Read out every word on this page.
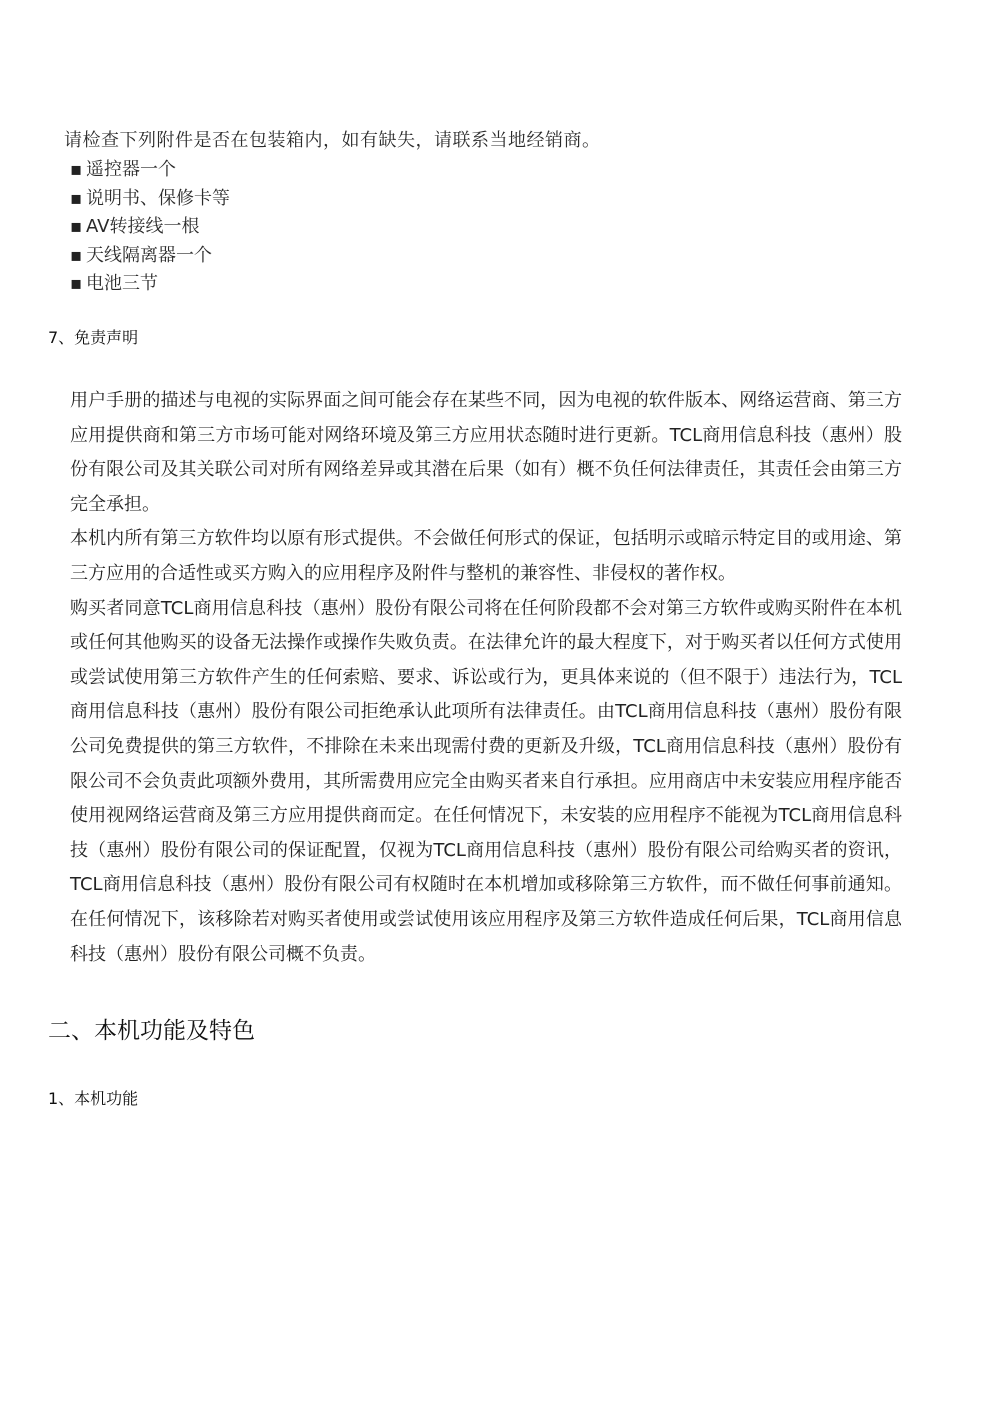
请检查下列附件是否在包装箱内，如有缺失，请联系当地经销商。
▪ 遥控器一个
▪ 说明书、保修卡等
▪ AV转接线一根
▪ 天线隔离器一个
▪ 电池三节
7、免责声明

用户手册的描述与电视的实际界面之间可能会存在某些不同，因为电视的软件版本、网络运营商、第三方应用提供商和第三方市场可能对网络环境及第三方应用状态随时进行更新。TCL商用信息科技（惠州）股份有限公司及其关联公司对所有网络差异或其潜在后果（如有）概不负任何法律责任，其责任会由第三方完全承担。

本机内所有第三方软件均以原有形式提供。不会做任何形式的保证，包括明示或暗示特定目的或用途、第三方应用的合适性或买方购入的应用程序及附件与整机的兼容性、非侵权的著作权。

购买者同意TCL商用信息科技（惠州）股份有限公司将在任何阶段都不会对第三方软件或购买附件在本机或任何其他购买的设备无法操作或操作失败负责。在法律允许的最大程度下，对于购买者以任何方式使用或尝试使用第三方软件产生的任何索赔、要求、诉讼或行为，更具体来说的（但不限于）违法行为，TCL商用信息科技（惠州）股份有限公司拒绝承认此项所有法律责任。由TCL商用信息科技（惠州）股份有限公司免费提供的第三方软件，不排除在未来出现需付费的更新及升级，TCL商用信息科技（惠州）股份有限公司不会负责此项额外费用，其所需费用应完全由购买者来自行承担。应用商店中未安装应用程序能否使用视网络运营商及第三方应用提供商而定。在任何情况下，未安装的应用程序不能视为TCL商用信息科技（惠州）股份有限公司的保证配置，仅视为TCL商用信息科技（惠州）股份有限公司给购买者的资讯，TCL商用信息科技（惠州）股份有限公司有权随时在本机增加或移除第三方软件，而不做任何事前通知。在任何情况下，该移除若对购买者使用或尝试使用该应用程序及第三方软件造成任何后果，TCL商用信息科技（惠州）股份有限公司概不负责。

二、本机功能及特色
1、本机功能
